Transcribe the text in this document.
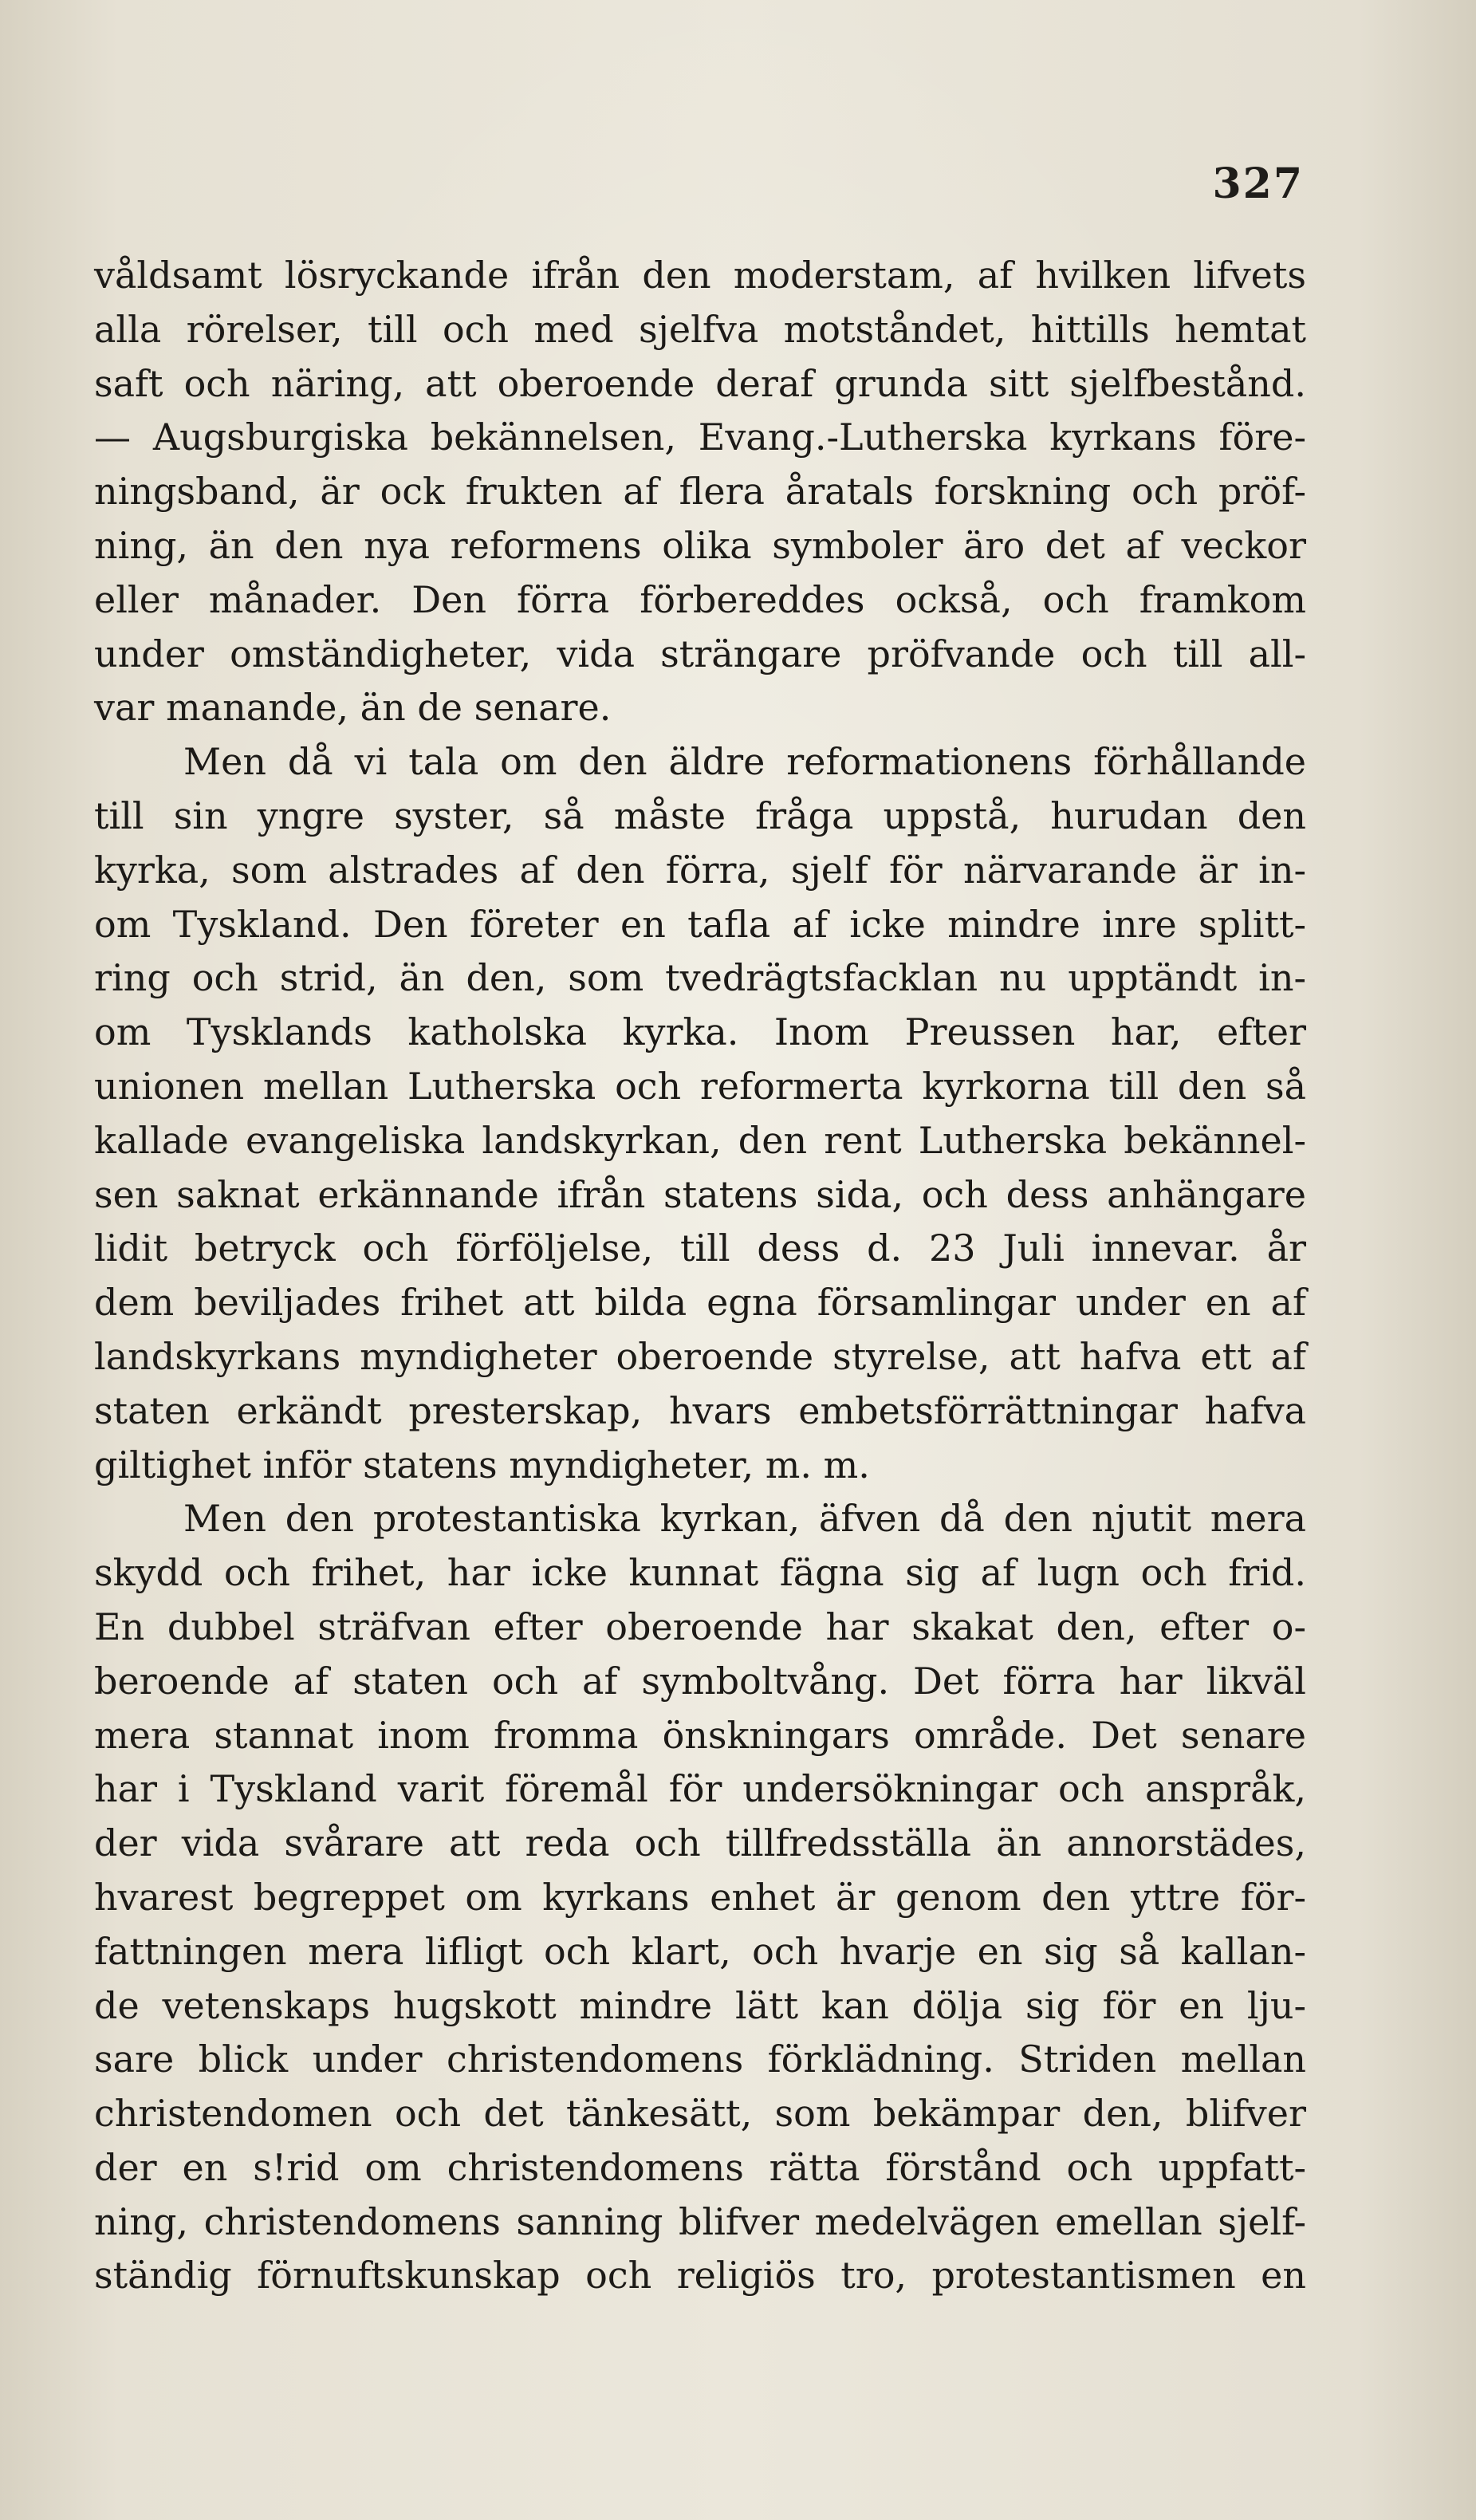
327
våldsamt lösryckande ifrån den moderstam, af hvilken lifvets
alla rörelser, till och med sjelfva motståndet, hittills hemtat
saft och näring, att oberoende deraf grunda sitt sjelfbestånd.
— Augsburgiska bekännelsen, Evang.-Lutherska kyrkans före-
ningsband, är ock frukten af flera åratals forskning och pröf-
ning, än den nya reformens olika symboler äro det af veckor
eller månader. Den förra förbereddes också, och framkom
under omständigheter, vida strängare pröfvande och till all-
var manande, än de senare.
Men då vi tala om den äldre reformationens förhållande
till sin yngre syster, så måste fråga uppstå, hurudan den
kyrka, som alstrades af den förra, sjelf för närvarande är in-
om Tyskland. Den företer en tafla af icke mindre inre splitt-
ring och strid, än den, som tvedrägtsfacklan nu upptändt in-
om Tysklands katholska kyrka. Inom Preussen har, efter
unionen mellan Lutherska och reformerta kyrkorna till den så
kallade evangeliska landskyrkan, den rent Lutherska bekännel-
sen saknat erkännande ifrån statens sida, och dess anhängare
lidit betryck och förföljelse, till dess d. 23 Juli innevar. år
dem beviljades frihet att bilda egna församlingar under en af
landskyrkans myndigheter oberoende styrelse, att hafva ett af
staten erkändt presterskap, hvars embetsförrättningar hafva
giltighet inför statens myndigheter, m. m.
Men den protestantiska kyrkan, äfven då den njutit mera
skydd och frihet, har icke kunnat fägna sig af lugn och frid.
En dubbel sträfvan efter oberoende har skakat den, efter o-
beroende af staten och af symboltvång. Det förra har likväl
mera stannat inom fromma önskningars område. Det senare
har i Tyskland varit föremål för undersökningar och anspråk,
der vida svårare att reda och tillfredsställa än annorstädes,
hvarest begreppet om kyrkans enhet är genom den yttre för-
fattningen mera lifligt och klart, och hvarje en sig så kallan-
de vetenskaps hugskott mindre lätt kan dölja sig för en lju-
sare blick under christendomens förklädning. Striden mellan
christendomen och det tänkesätt, som bekämpar den, blifver
der en s!rid om christendomens rätta förstånd och uppfatt-
ning, christendomens sanning blifver medelvägen emellan sjelf-
ständig förnuftskunskap och religiös tro, protestantismen en
